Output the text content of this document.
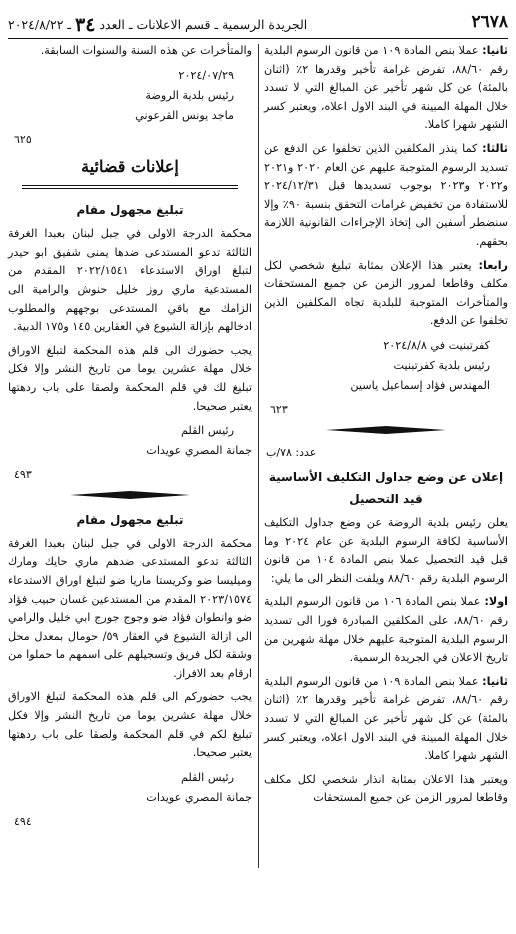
٢٦٧٨
الجريدة الرسمية ـ قسم الاعلانات ـ العدد ٣٤ ـ ٢٠٢٤/٨/٢٢

ثانيا: عملا بنص المادة ١٠٩ من قانون الرسوم البلدية رقم ٨٨/٦٠، تفرض غرامة تأخير وقدرها ٢٪ (اثنان بالمئة) عن كل شهر تأخير عن المبالغ التي لا تسدد خلال المهلة المبينة في البند الاول اعلاه، ويعتبر كسر الشهر شهرا كاملا.

ثالثا: كما ينذر المكلفين الذين تخلفوا عن الدفع عن تسديد الرسوم المتوجبة عليهم عن العام ٢٠٢٠ و٢٠٢١ و٢٠٢٢ و٢٠٢٣ بوجوب تسديدها قبل ٢٠٢٤/١٢/٣١ للاستفادة من تخفيض غرامات التحقق بنسبة ٩٠٪ وإلا سنضطر أسفين الى إتخاذ الإجراءات القانونية اللازمة بحقهم.

رابعا: يعتبر هذا الإعلان بمثابة تبليغ شخصي لكل مكلف وقاطعا لمرور الزمن عن جميع المستحقات والمتأخرات المتوجبة للبلدية تجاه المكلفين الذين تخلفوا عن الدفع.

كفرتبنيت في ٢٠٢٤/٨/٨
رئيس بلدية كفرتبنيت
المهندس فؤاد إسماعيل ياسين
٦٢٣
عدد: ٧٨/ب
إعلان عن وضع جداول التكليف الأساسية قيد التحصيل

يعلن رئيس بلدية الروضة عن وضع جداول التكليف الأساسية لكافة الرسوم البلدية عن عام ٢٠٢٤ وما قبل قيد التحصيل عملا بنص المادة ١٠٤ من قانون الرسوم البلدية رقم ٨٨/٦٠ ويلفت النظر الى ما يلي:

اولا: عملا بنص المادة ١٠٦ من قانون الرسوم البلدية رقم ٨٨/٦٠، على المكلفين المبادرة فورا الى تسديد الرسوم البلدية المتوجبة عليهم خلال مهلة شهرين من تاريخ الاعلان في الجريدة الرسمية.

ثانيا: عملا بنص المادة ١٠٩ من قانون الرسوم البلدية رقم ٨٨/٦٠، تفرض غرامة تأخير وقدرها ٢٪ (اثنان بالمئة) عن كل شهر تأخير عن المبالغ التي لا تسدد خلال المهلة المبينة في البند الاول اعلاه، ويعتبر كسر الشهر شهرا كاملا.

ويعتبر هذا الاعلان بمثابة انذار شخصي لكل مكلف وقاطعا لمرور الزمن عن جميع المستحقات

والمتأخرات عن هذه السنة والسنوات السابقة.

٢٠٢٤/٠٧/٢٩
رئيس بلدية الروضة
ماجد يونس القرعوني
٦٢٥
إعلانات قضائية
تبليغ مجهول مقام

محكمة الدرجة الاولى في جبل لبنان بعبدا الغرفة الثالثة تدعو المستدعى ضدها يمنى شفيق ابو حيدر لتبلغ اوراق الاستدعاء ٢٠٢٢/١٥٤١ المقدم من المستدعية ماري روز خليل حنوش والرامية الى الزامك مع باقي المستدعى بوجههم والمطلوب ادخالهم بإزالة الشيوع في العقارين ١٤٥ و١٧٥ الدبية.

يجب حضورك الى قلم هذه المحكمة لتبلغ الاوراق خلال مهلة عشرين يوما من تاريخ النشر وإلا فكل تبليغ لك في قلم المحكمة ولصقا على باب ردهتها يعتبر صحيحا.

رئيس القلم
جمانة المصري عويدات
٤٩٣
تبليغ مجهول مقام

محكمة الدرجة الاولى في جبل لبنان بعبدا الغرفة الثالثة تدعو المستدعى ضدهم ماري حايك ومارك وميليسا ضو وكريستا ماريا ضو لتبلغ اوراق الاستدعاء ٢٠٢٣/١٥٧٤ المقدم من المستدعين غسان حبيب فؤاد ضو وانطوان فؤاد ضو وجوج جورج ابي خليل والرامي الى ازالة الشيوع في العقار ٥٩/ حومال بمعدل محل وشقة لكل فريق وتسجيلهم على اسمهم ما حملوا من ارقام بعد الافراز.

يجب حضوركم الى قلم هذه المحكمة لتبلغ الاوراق خلال مهلة عشرين يوما من تاريخ النشر وإلا فكل تبليغ لكم في قلم المحكمة ولصقا على باب ردهتها يعتبر صحيحا.

رئيس القلم
جمانة المصري عويدات
٤٩٤
